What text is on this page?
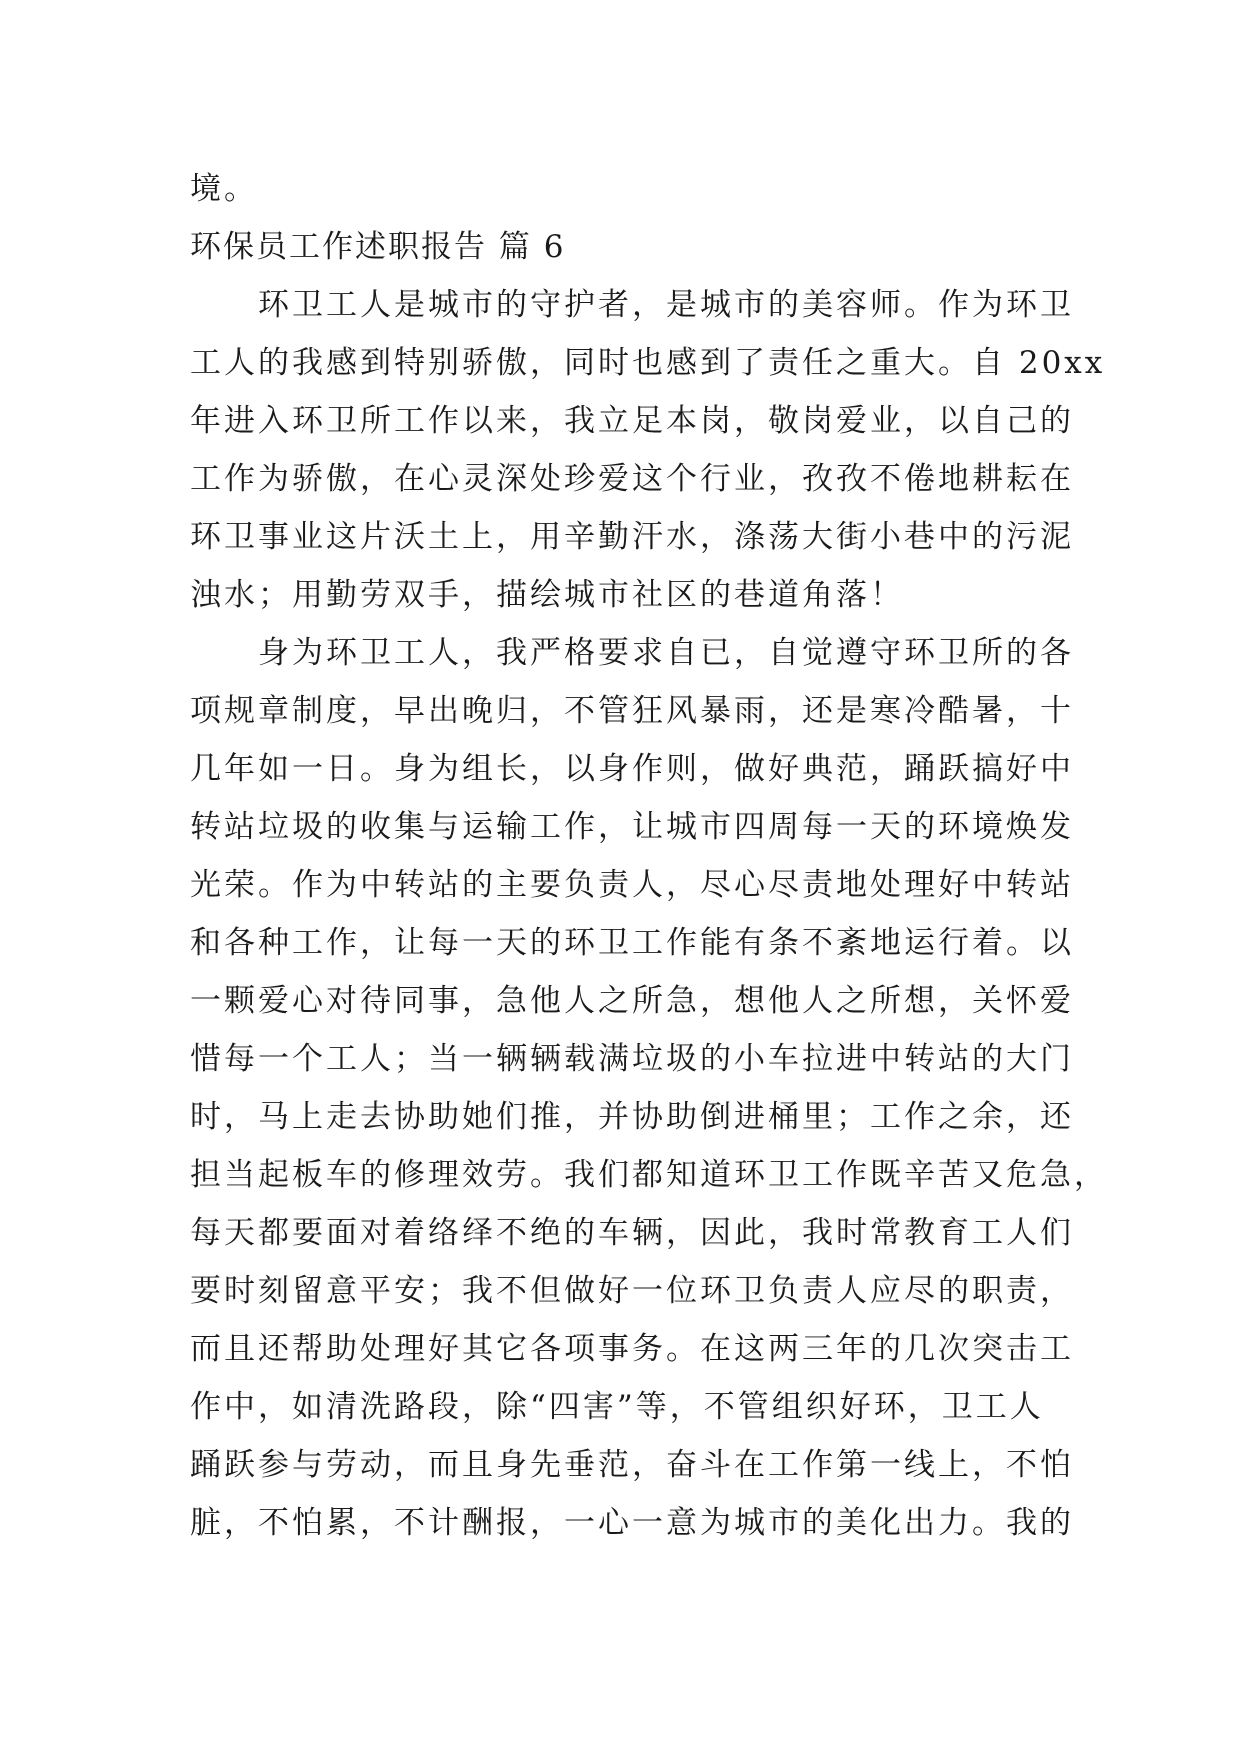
境。
环保员工作述职报告 篇 6
环卫工人是城市的守护者，是城市的美容师。作为环卫
工人的我感到特别骄傲，同时也感到了责任之重大。自 20xx
年进入环卫所工作以来，我立足本岗，敬岗爱业，以自己的
工作为骄傲，在心灵深处珍爱这个行业，孜孜不倦地耕耘在
环卫事业这片沃土上，用辛勤汗水，涤荡大街小巷中的污泥
浊水；用勤劳双手，描绘城市社区的巷道角落！
身为环卫工人，我严格要求自已，自觉遵守环卫所的各
项规章制度，早出晚归，不管狂风暴雨，还是寒冷酷暑，十
几年如一日。身为组长，以身作则，做好典范，踊跃搞好中
转站垃圾的收集与运输工作，让城市四周每一天的环境焕发
光荣。作为中转站的主要负责人，尽心尽责地处理好中转站
和各种工作，让每一天的环卫工作能有条不紊地运行着。以
一颗爱心对待同事，急他人之所急，想他人之所想，关怀爱
惜每一个工人；当一辆辆载满垃圾的小车拉进中转站的大门
时，马上走去协助她们推，并协助倒进桶里；工作之余，还
担当起板车的修理效劳。我们都知道环卫工作既辛苦又危急，
每天都要面对着络绎不绝的车辆，因此，我时常教育工人们
要时刻留意平安；我不但做好一位环卫负责人应尽的职责，
而且还帮助处理好其它各项事务。在这两三年的几次突击工
作中，如清洗路段，除“四害”等，不管组织好环，卫工人
踊跃参与劳动，而且身先垂范，奋斗在工作第一线上，不怕
脏，不怕累，不计酬报，一心一意为城市的美化出力。我的
